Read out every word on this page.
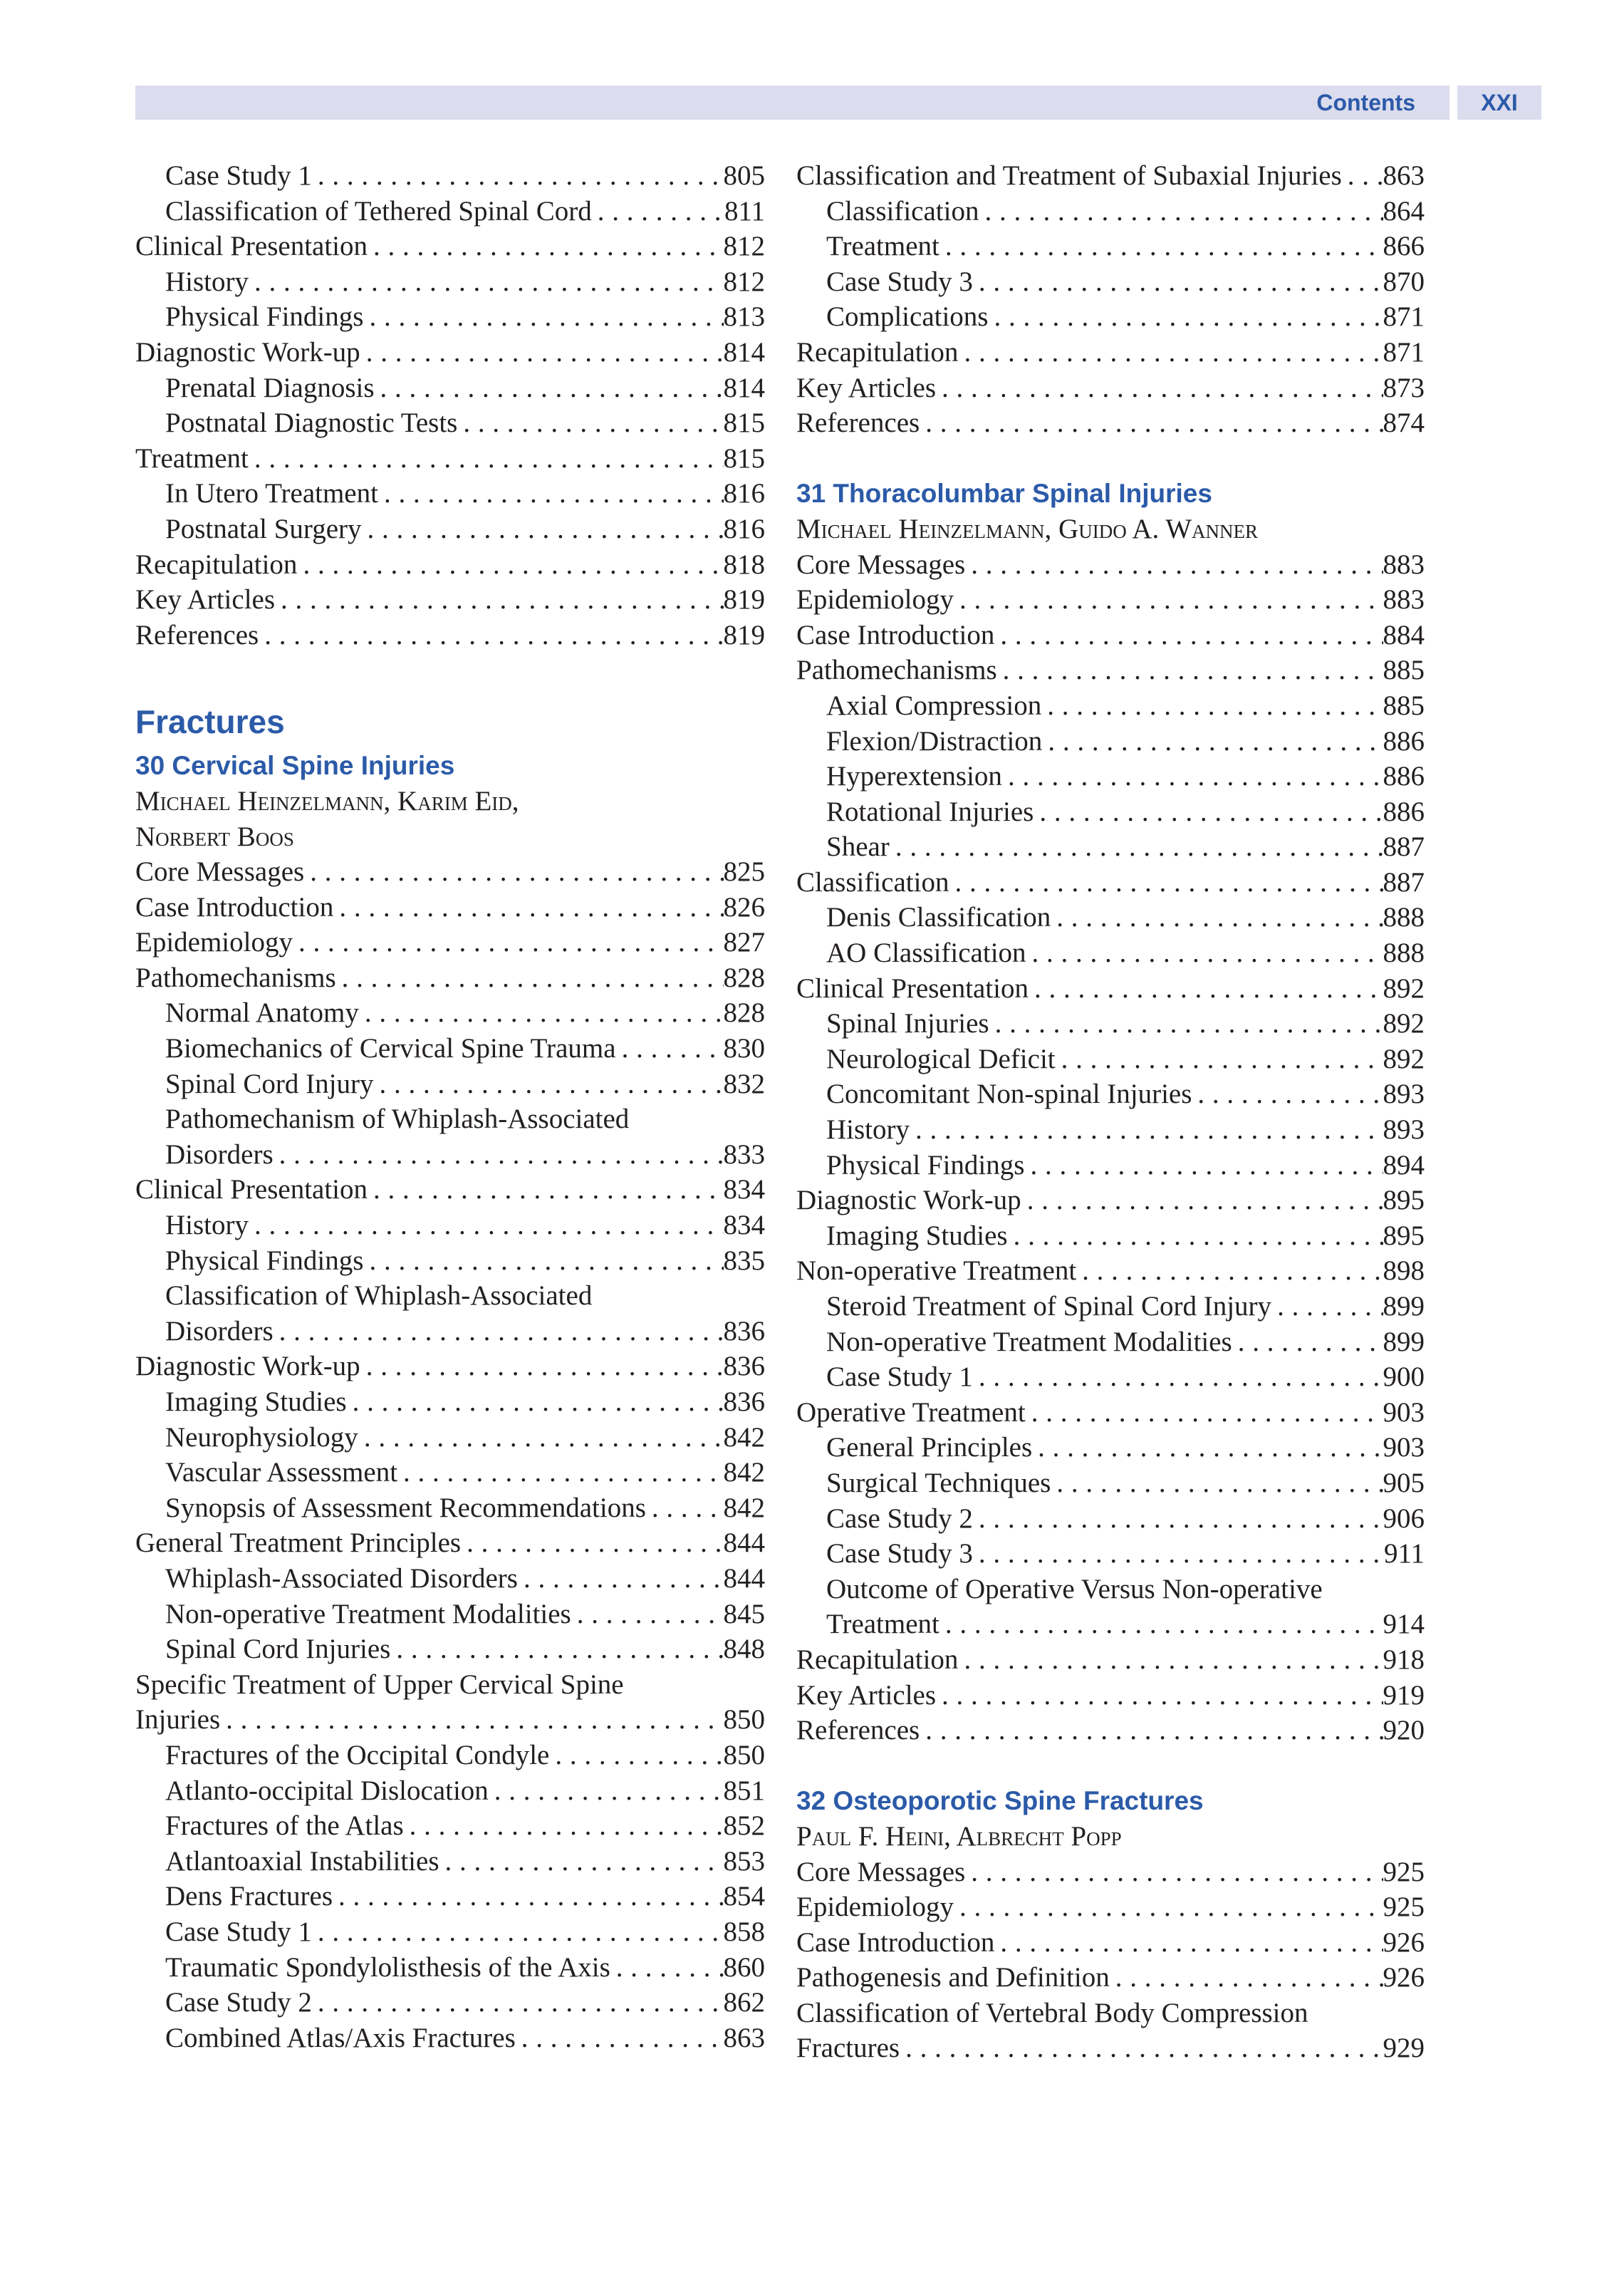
Contents	XXI
Case Study 1 . . .	805
Classification of Tethered Spinal Cord . . .	811
Clinical Presentation . . .	812
History . . .	812
Physical Findings . . .	813
Diagnostic Work-up . . .	814
Prenatal Diagnosis . . .	814
Postnatal Diagnostic Tests . . .	815
Treatment . . .	815
In Utero Treatment . . .	816
Postnatal Surgery . . .	816
Recapitulation . . .	818
Key Articles . . .	819
References . . .	819
Fractures
30 Cervical Spine Injuries
Michael Heinzelmann, Karim Eid,
Norbert Boos
Core Messages . . .	825
Case Introduction . . .	826
Epidemiology . . .	827
Pathomechanisms . . .	828
Normal Anatomy . . .	828
Biomechanics of Cervical Spine Trauma . . .	830
Spinal Cord Injury . . .	832
Pathomechanism of Whiplash-Associated
Disorders . . .	833
Clinical Presentation . . .	834
History . . .	834
Physical Findings . . .	835
Classification of Whiplash-Associated
Disorders . . .	836
Diagnostic Work-up . . .	836
Imaging Studies . . .	836
Neurophysiology . . .	842
Vascular Assessment . . .	842
Synopsis of Assessment Recommendations . . .	842
General Treatment Principles . . .	844
Whiplash-Associated Disorders . . .	844
Non-operative Treatment Modalities . . .	845
Spinal Cord Injuries . . .	848
Specific Treatment of Upper Cervical Spine
Injuries . . .	850
Fractures of the Occipital Condyle . . .	850
Atlanto-occipital Dislocation . . .	851
Fractures of the Atlas . . .	852
Atlantoaxial Instabilities . . .	853
Dens Fractures . . .	854
Case Study 1 . . .	858
Traumatic Spondylolisthesis of the Axis . . .	860
Case Study 2 . . .	862
Combined Atlas/Axis Fractures . . .	863
Classification and Treatment of Subaxial Injuries . . . 863
Classification . . .	864
Treatment . . .	866
Case Study 3 . . .	870
Complications . . .	871
Recapitulation . . .	871
Key Articles . . .	873
References . . .	874
31 Thoracolumbar Spinal Injuries
Michael Heinzelmann, Guido A. Wanner
Core Messages . . .	883
Epidemiology . . .	883
Case Introduction . . .	884
Pathomechanisms . . .	885
Axial Compression . . .	885
Flexion/Distraction . . .	886
Hyperextension . . .	886
Rotational Injuries . . .	886
Shear . . .	887
Classification . . .	887
Denis Classification . . .	888
AO Classification . . .	888
Clinical Presentation . . .	892
Spinal Injuries . . .	892
Neurological Deficit . . .	892
Concomitant Non-spinal Injuries . . .	893
History . . .	893
Physical Findings . . .	894
Diagnostic Work-up . . .	895
Imaging Studies . . .	895
Non-operative Treatment . . .	898
Steroid Treatment of Spinal Cord Injury . . .	899
Non-operative Treatment Modalities . . .	899
Case Study 1 . . .	900
Operative Treatment . . .	903
General Principles . . .	903
Surgical Techniques . . .	905
Case Study 2 . . .	906
Case Study 3 . . .	911
Outcome of Operative Versus Non-operative
Treatment . . .	914
Recapitulation . . .	918
Key Articles . . .	919
References . . .	920
32 Osteoporotic Spine Fractures
Paul F. Heini, Albrecht Popp
Core Messages . . .	925
Epidemiology . . .	925
Case Introduction . . .	926
Pathogenesis and Definition . . .	926
Classification of Vertebral Body Compression
Fractures . . .	929
